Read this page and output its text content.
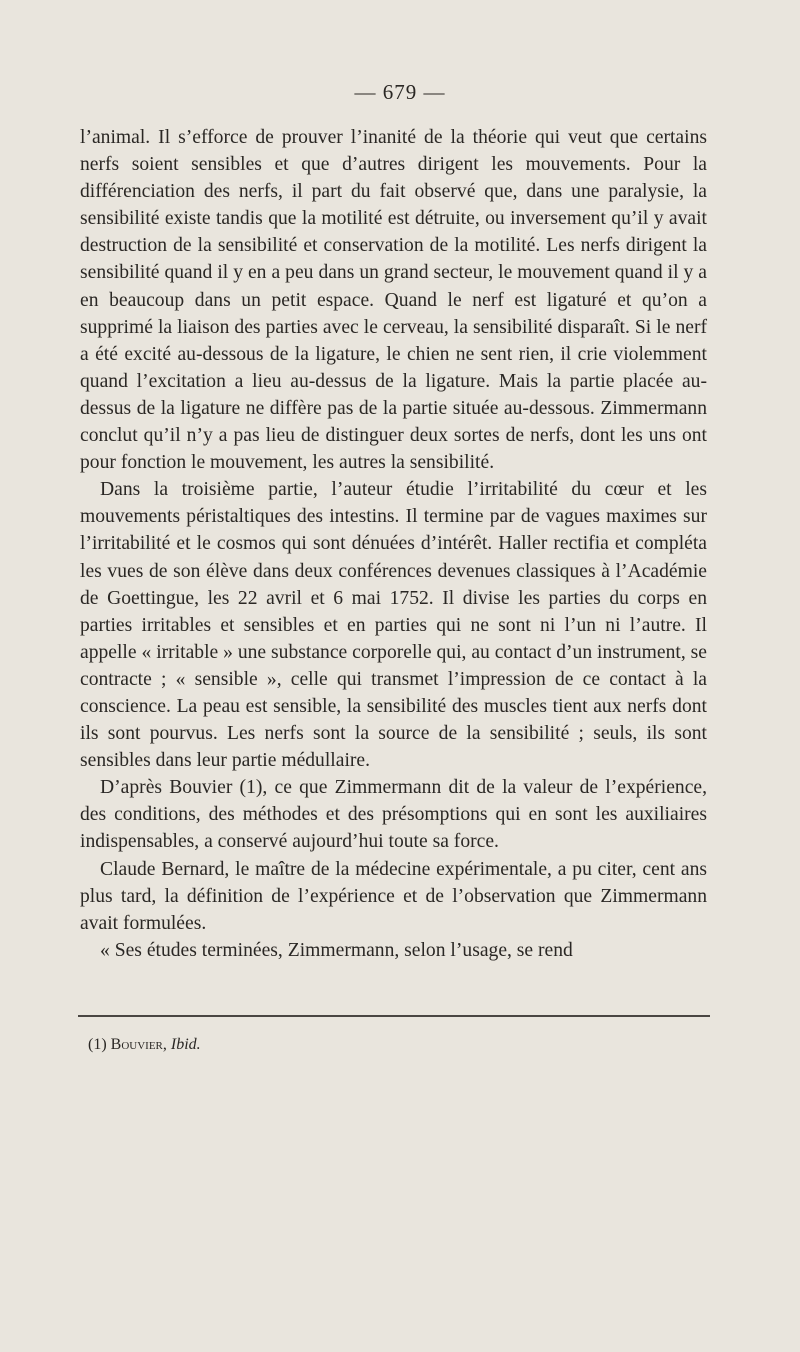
— 679 —

l’animal. Il s’efforce de prouver l’inanité de la théorie qui veut que certains nerfs soient sensibles et que d’autres dirigent les mouvements. Pour la différenciation des nerfs, il part du fait observé que, dans une paralysie, la sensibilité existe tandis que la motilité est détruite, ou inversement qu’il y avait destruction de la sensibilité et conservation de la motilité. Les nerfs dirigent la sensibilité quand il y en a peu dans un grand secteur, le mouvement quand il y a en beaucoup dans un petit espace. Quand le nerf est ligaturé et qu’on a supprimé la liaison des parties avec le cerveau, la sensibilité disparaît. Si le nerf a été excité au-dessous de la ligature, le chien ne sent rien, il crie violemment quand l’excitation a lieu au-dessus de la ligature. Mais la partie placée au-dessus de la ligature ne diffère pas de la partie située au-dessous. Zimmermann conclut qu’il n’y a pas lieu de distinguer deux sortes de nerfs, dont les uns ont pour fonction le mouvement, les autres la sensibilité.

Dans la troisième partie, l’auteur étudie l’irritabilité du cœur et les mouvements péristaltiques des intestins. Il termine par de vagues maximes sur l’irritabilité et le cosmos qui sont dénuées d’intérêt. Haller rectifia et compléta les vues de son élève dans deux conférences devenues classiques à l’Académie de Goettingue, les 22 avril et 6 mai 1752. Il divise les parties du corps en parties irritables et sensibles et en parties qui ne sont ni l’un ni l’autre. Il appelle « irritable » une substance corporelle qui, au contact d’un instrument, se contracte ; « sensible », celle qui transmet l’impression de ce contact à la conscience. La peau est sensible, la sensibilité des muscles tient aux nerfs dont ils sont pourvus. Les nerfs sont la source de la sensibilité ; seuls, ils sont sensibles dans leur partie médullaire.

D’après Bouvier (1), ce que Zimmermann dit de la valeur de l’expérience, des conditions, des méthodes et des présomptions qui en sont les auxiliaires indispensables, a conservé aujourd’hui toute sa force.

Claude Bernard, le maître de la médecine expérimentale, a pu citer, cent ans plus tard, la définition de l’expérience et de l’observation que Zimmermann avait formulées.

« Ses études terminées, Zimmermann, selon l’usage, se rend

(1) Bouvier, Ibid.
